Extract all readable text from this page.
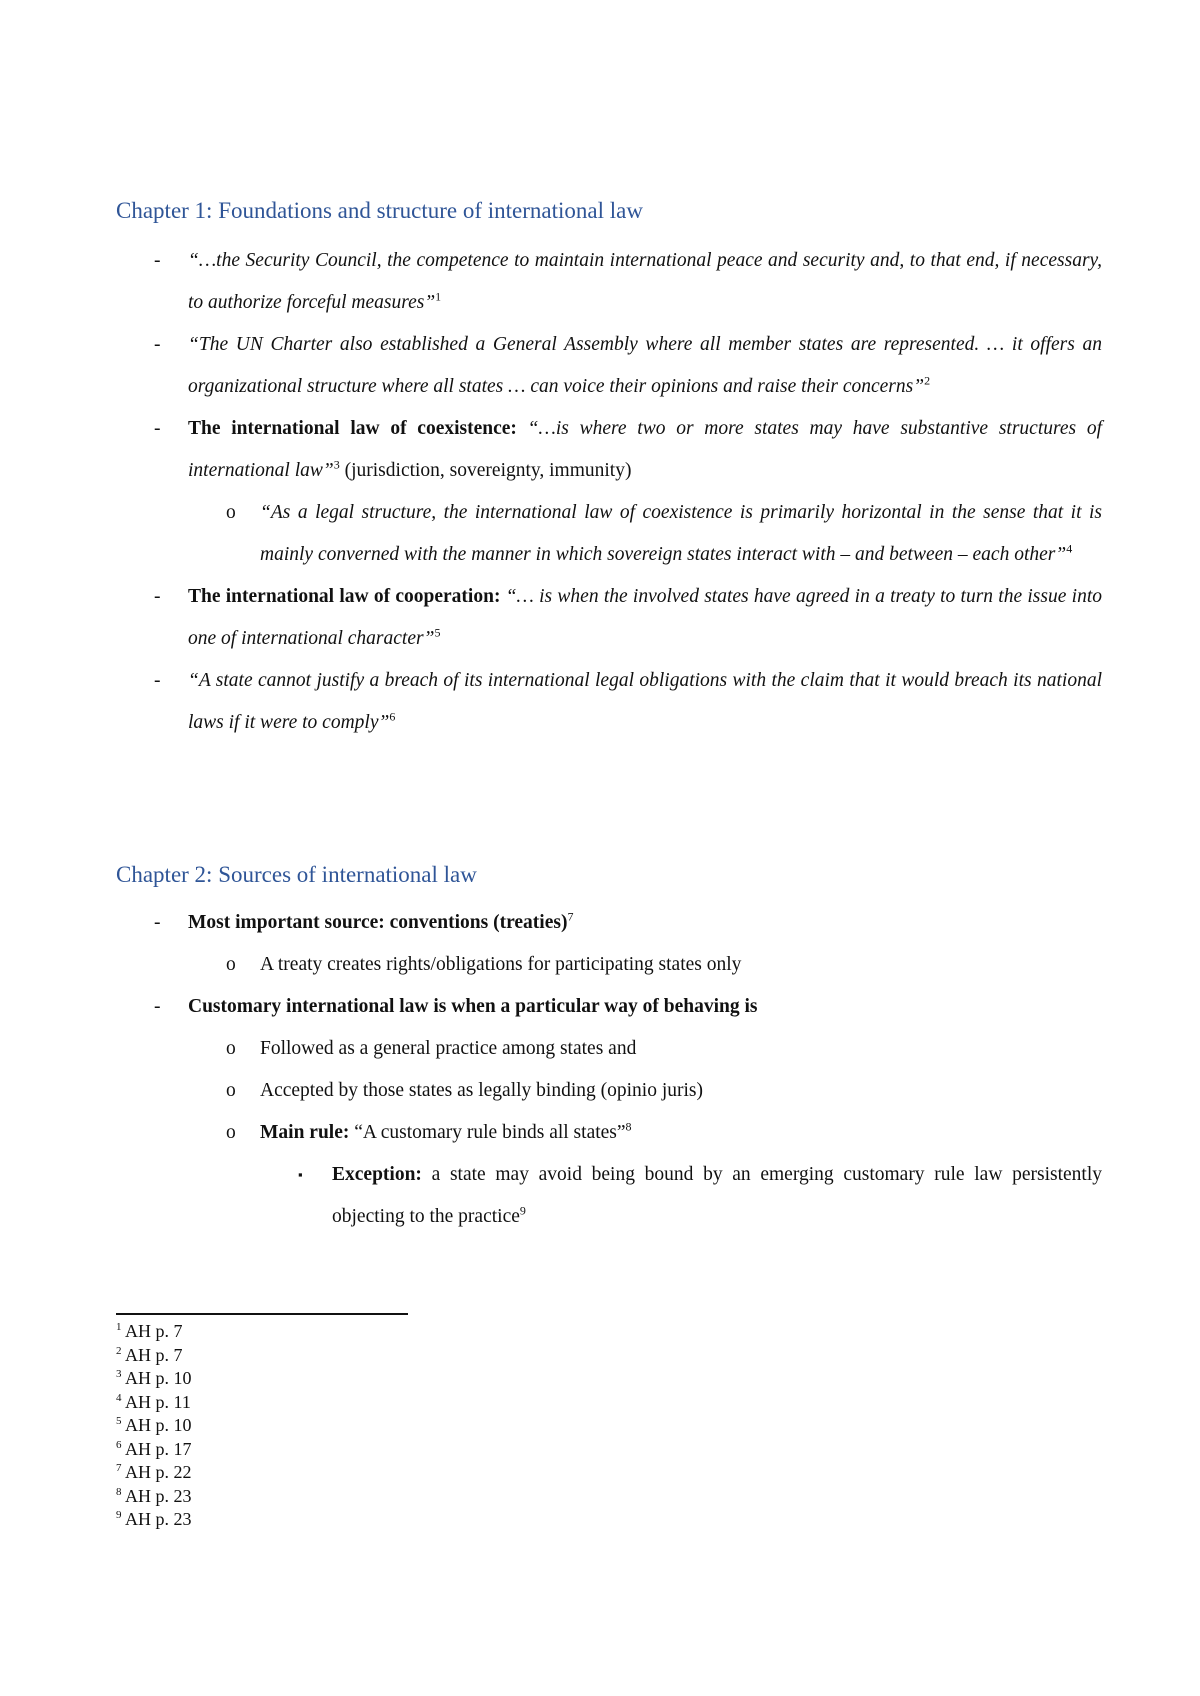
Chapter 1: Foundations and structure of international law
- “…the Security Council, the competence to maintain international peace and security and, to that end, if necessary, to authorize forceful measures”$^1$
- “The UN Charter also established a General Assembly where all member states are represented. … it offers an organizational structure where all states … can voice their opinions and raise their concerns”$^2$
- The international law of coexistence: “…is where two or more states may have substantive structures of international law”$^3$ (jurisdiction, sovereignty, immunity)
o “As a legal structure, the international law of coexistence is primarily horizontal in the sense that it is mainly converned with the manner in which sovereign states interact with – and between – each other”$^4$
- The international law of cooperation: “… is when the involved states have agreed in a treaty to turn the issue into one of international character”$^5$
- “A state cannot justify a breach of its international legal obligations with the claim that it would breach its national laws if it were to comply”$^6$
Chapter 2: Sources of international law
- Most important source: conventions (treaties)$^7$
o A treaty creates rights/obligations for participating states only
- Customary international law is when a particular way of behaving is
o Followed as a general practice among states and
o Accepted by those states as legally binding (opinio juris)
o Main rule: “A customary rule binds all states”$^8$
▪ Exception: a state may avoid being bound by an emerging customary rule law persistently objecting to the practice$^9$
$^1$ AH p. 7
$^2$ AH p. 7
$^3$ AH p. 10
$^4$ AH p. 11
$^5$ AH p. 10
$^6$ AH p. 17
$^7$ AH p. 22
$^8$ AH p. 23
$^9$ AH p. 23
